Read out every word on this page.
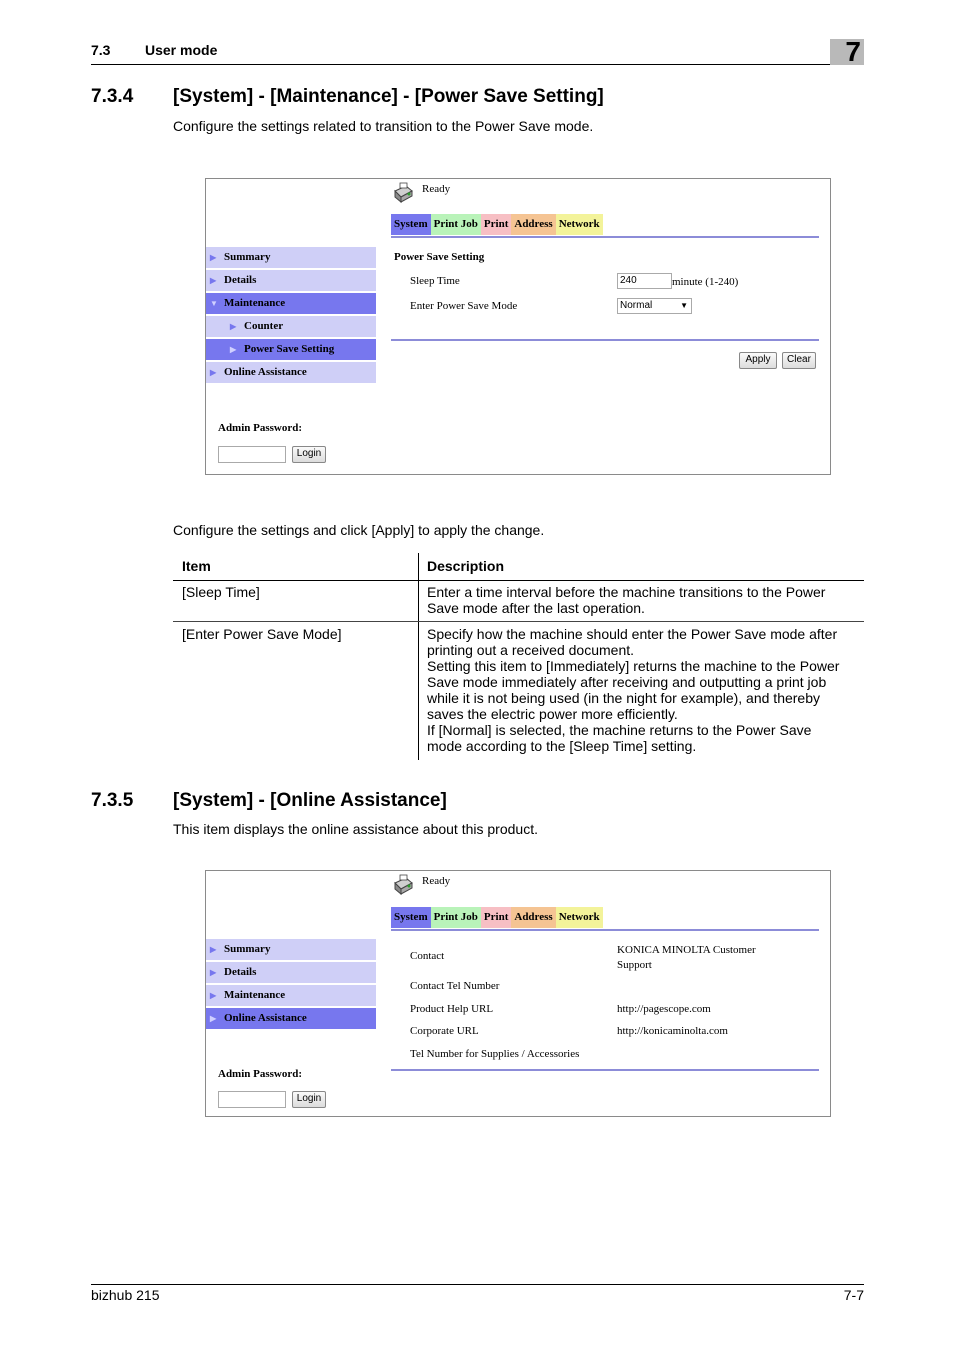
7.3 User mode	7
7.3.4 [System] - [Maintenance] - [Power Save Setting]
Configure the settings related to transition to the Power Save mode.
Ready
System Print Job Print Address Network
▶ Summary
▶ Details
▼ Maintenance
▶ Counter
▶ Power Save Setting
▶ Online Assistance
Power Save Setting
Sleep Time	240	minute (1-240)
Enter Power Save Mode	Normal	▼
Apply	Clear
Admin Password:
Login
Configure the settings and click [Apply] to apply the change.
Item	Description
[Sleep Time]	Enter a time interval before the machine transitions to the Power
Save mode after the last operation.
[Enter Power Save Mode]	Specify how the machine should enter the Power Save mode after
printing out a received document.
Setting this item to [Immediately] returns the machine to the Power
Save mode immediately after receiving and outputting a print job
while it is not being used (in the night for example), and thereby
saves the electric power more efficiently.
If [Normal] is selected, the machine returns to the Power Save
mode according to the [Sleep Time] setting.
7.3.5 [System] - [Online Assistance]
This item displays the online assistance about this product.
Ready
System Print Job Print Address Network
▶ Summary
▶ Details
▶ Maintenance
▶ Online Assistance
Contact	KONICA MINOLTA Customer
Support
Contact Tel Number
Product Help URL	http://pagescope.com
Corporate URL	http://konicaminolta.com
Tel Number for Supplies / Accessories
Admin Password:
Login
bizhub 215	7-7
